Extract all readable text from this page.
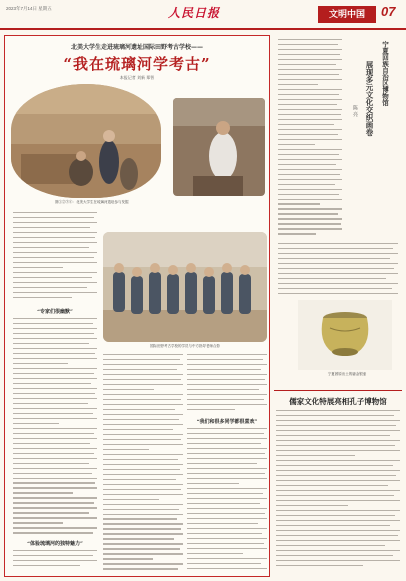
2023年7月14日 星期五	人民日报	文明中国	07
北美大学生走进琉璃河遗址国际田野考古学校——
“我在琉璃河学考古”
本报记者 刘新 郑智
图①②③④：北美大学生在琉璃河遗址参与发掘
“专家们很幽默”
国际田野考古学校的学员与中方指导老师合影
“体验琉璃河的独特魅力”
“我们和很多同学都很喜欢”
宁夏回族自治区博物馆
展现多元文化交织画卷
陈 亮
宁夏固原出土的鎏金银壶
儒家文化特展亮相孔子博物馆
